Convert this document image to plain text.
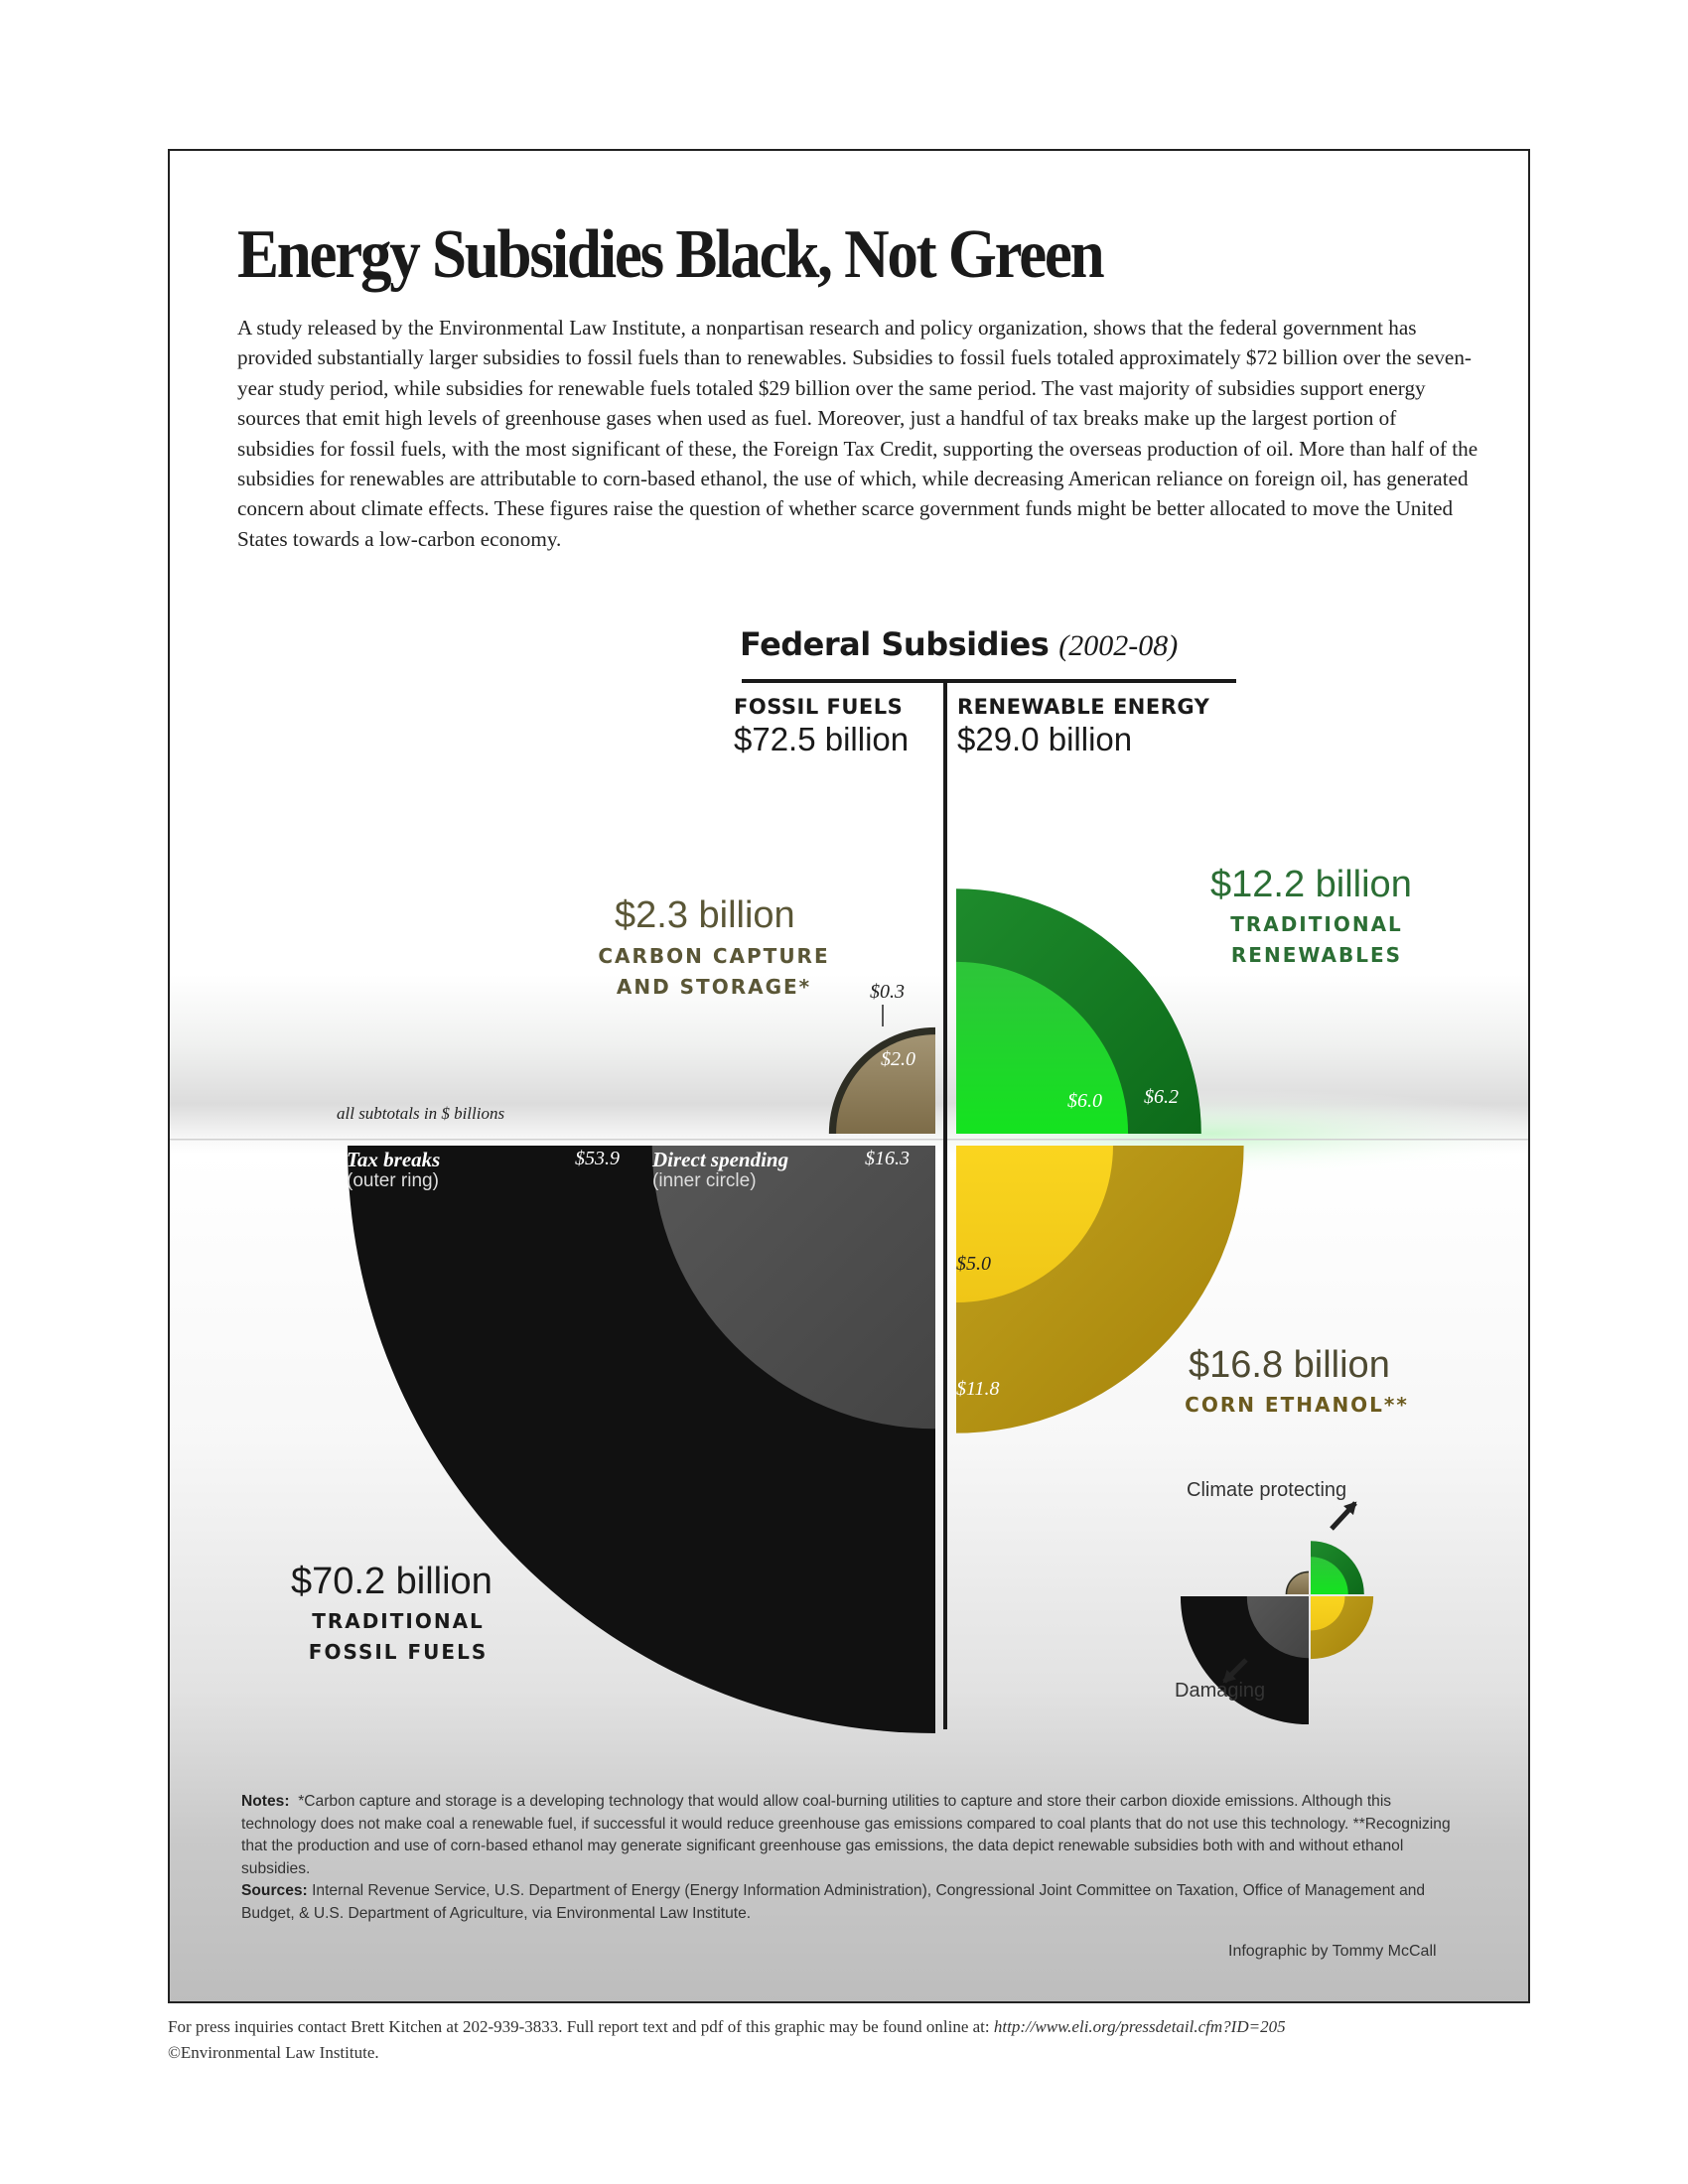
Energy Subsidies Black, Not Green
A study released by the Environmental Law Institute, a nonpartisan research and policy organization, shows that the federal government has provided substantially larger subsidies to fossil fuels than to renewables. Subsidies to fossil fuels totaled approximately $72 billion over the seven-year study period, while subsidies for renewable fuels totaled $29 billion over the same period. The vast majority of subsidies support energy sources that emit high levels of greenhouse gases when used as fuel. Moreover, just a handful of tax breaks make up the largest portion of subsidies for fossil fuels, with the most significant of these, the Foreign Tax Credit, supporting the overseas production of oil. More than half of the subsidies for renewables are attributable to corn-based ethanol, the use of which, while decreasing American reliance on foreign oil, has generated concern about climate effects. These figures raise the question of whether scarce government funds might be better allocated to move the United States towards a low-carbon economy.
Federal Subsidies (2002-08)
FOSSIL FUELS
$72.5 billion
RENEWABLE ENERGY
$29.0 billion
$2.3 billion
CARBON CAPTURE
AND STORAGE*
$12.2 billion
TRADITIONAL
RENEWABLES
$16.8 billion
CORN ETHANOL**
$70.2 billion
TRADITIONAL
FOSSIL FUELS
all subtotals in $ billions
Tax breaks
(outer ring)
$53.9 Direct spending
(inner circle)
$16.3
$0.3
$2.0
$6.0 $6.2
$5.0
$11.8
Climate protecting
Damaging
Notes: *Carbon capture and storage is a developing technology that would allow coal-burning utilities to capture and store their carbon dioxide emissions. Although this technology does not make coal a renewable fuel, if successful it would reduce greenhouse gas emissions compared to coal plants that do not use this technology. **Recognizing that the production and use of corn-based ethanol may generate significant greenhouse gas emissions, the data depict renewable subsidies both with and without ethanol subsidies.
Sources: Internal Revenue Service, U.S. Department of Energy (Energy Information Administration), Congressional Joint Committee on Taxation, Office of Management and Budget, & U.S. Department of Agriculture, via Environmental Law Institute.
Infographic by Tommy McCall
For press inquiries contact Brett Kitchen at 202-939-3833. Full report text and pdf of this graphic may be found online at: http://www.eli.org/pressdetail.cfm?ID=205
©Environmental Law Institute.
